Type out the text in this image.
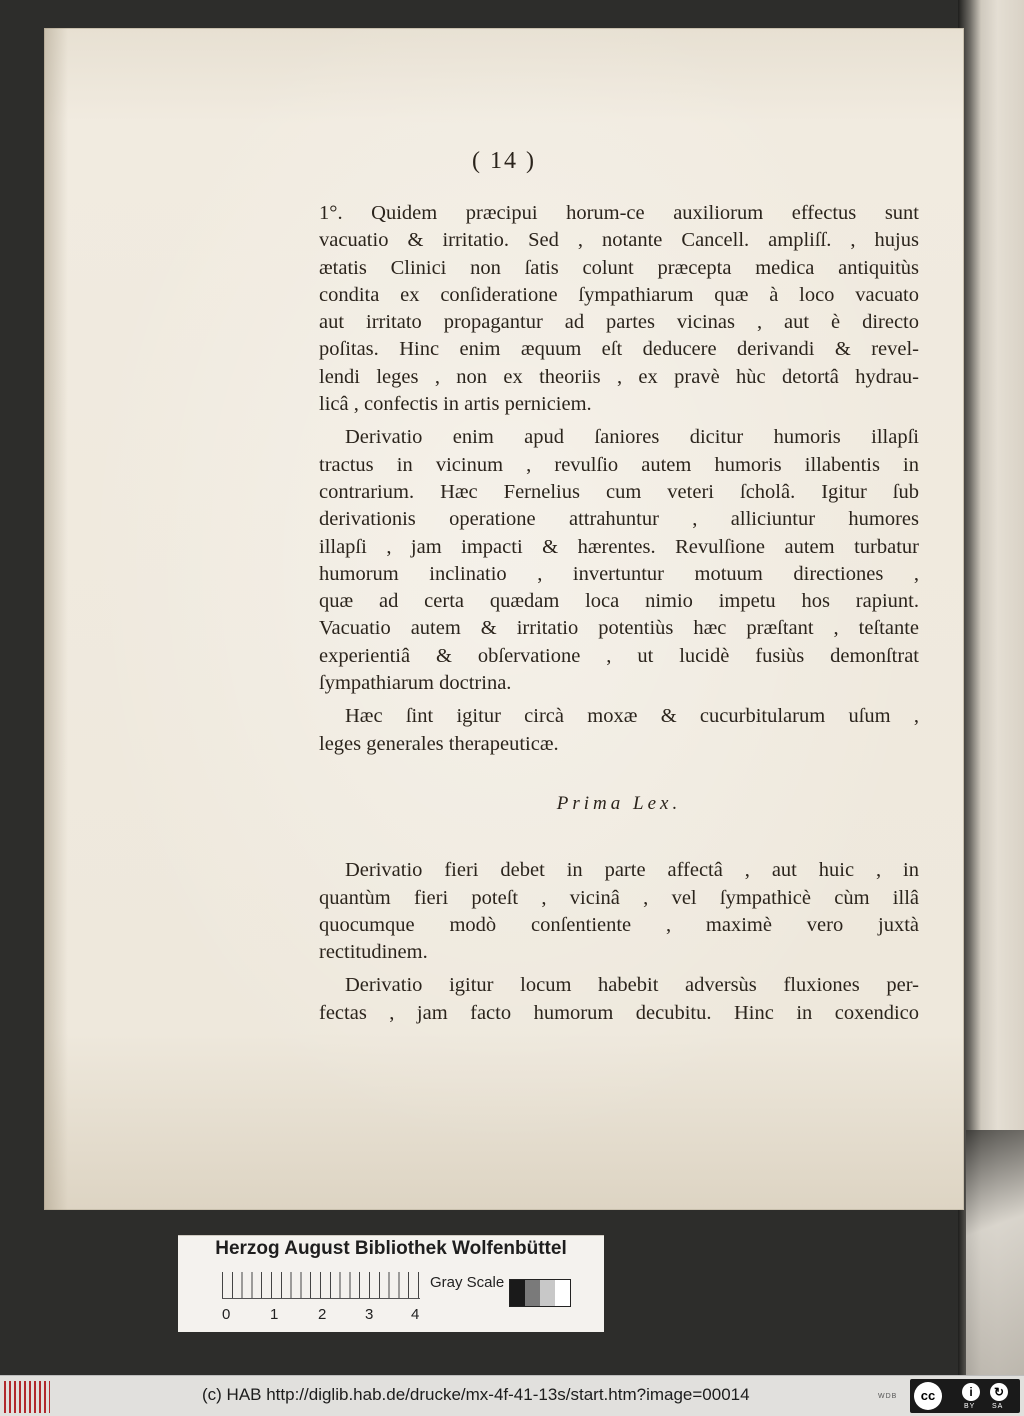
( 14 )

1°. Quidem præcipui horum-ce auxiliorum effectus sunt
vacuatio & irritatio. Sed , notante Cancell. ampliſſ. , hujus
ætatis Clinici non ſatis colunt præcepta medica antiquitùs
condita ex conſideratione ſympathiarum quæ à loco vacuato
aut irritato propagantur ad partes vicinas , aut è directo
poſitas. Hinc enim æquum eſt deducere derivandi & revel-
lendi leges , non ex theoriis , ex pravè hùc detortâ hydrau-
licâ , confectis in artis perniciem.

Derivatio enim apud ſaniores dicitur humoris illapſi
tractus in vicinum , revulſio autem humoris illabentis in
contrarium. Hæc Fernelius cum veteri ſcholâ. Igitur ſub
derivationis operatione attrahuntur , alliciuntur humores
illapſi , jam impacti & hærentes. Revulſione autem turbatur
humorum inclinatio , invertuntur motuum directiones ,
quæ ad certa quædam loca nimio impetu hos rapiunt.
Vacuatio autem & irritatio potentiùs hæc præſtant , teſtante
experientiâ & obſervatione , ut lucidè fusiùs demonſtrat
ſympathiarum doctrina.

Hæc ſint igitur circà moxæ & cucurbitularum uſum ,
leges generales therapeuticæ.

Prima Lex.

Derivatio fieri debet in parte affectâ , aut huic , in
quantùm fieri poteſt , vicinâ , vel ſympathicè cùm illâ
quocumque modò conſentiente , maximè vero juxtà
rectitudinem.

Derivatio igitur locum habebit adversùs fluxiones per-
fectas , jam facto humorum decubitu. Hinc in coxendico

Herzog August Bibliothek Wolfenbüttel
0	1	2	3	4
Gray Scale
(c) HAB http://diglib.hab.de/drucke/mx-4f-41-13s/start.htm?image=00014	WDB	cc	i	↻
BY SA
